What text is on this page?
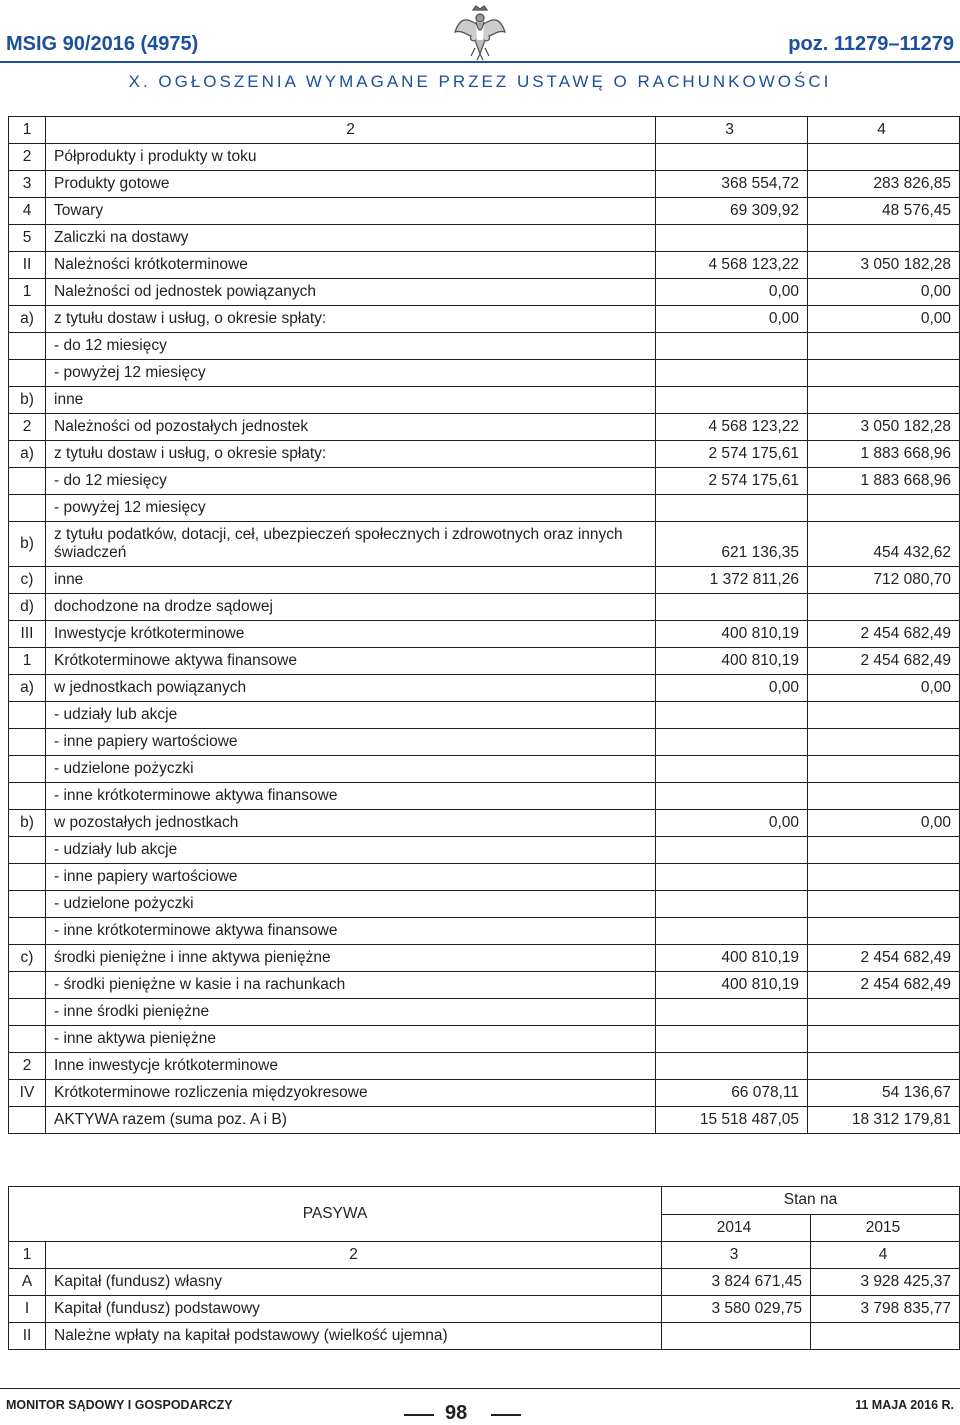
MSIG 90/2016 (4975)	poz. 11279–11279
X. OGŁOSZENIA WYMAGANE PRZEZ USTAWĘ O RACHUNKOWOŚCI
1	2	3	4
2	Półprodukty i produkty w toku		
3	Produkty gotowe	368 554,72	283 826,85
4	Towary	69 309,92	48 576,45
5	Zaliczki na dostawy		
II	Należności krótkoterminowe	4 568 123,22	3 050 182,28
1	Należności od jednostek powiązanych	0,00	0,00
a)	z tytułu dostaw i usług, o okresie spłaty:	0,00	0,00
	- do 12 miesięcy		
	- powyżej 12 miesięcy		
b)	inne		
2	Należności od pozostałych jednostek	4 568 123,22	3 050 182,28
a)	z tytułu dostaw i usług, o okresie spłaty:	2 574 175,61	1 883 668,96
	- do 12 miesięcy	2 574 175,61	1 883 668,96
	- powyżej 12 miesięcy		
b)	z tytułu podatków, dotacji, ceł, ubezpieczeń społecznych i zdrowotnych oraz innych świadczeń	621 136,35	454 432,62
c)	inne	1 372 811,26	712 080,70
d)	dochodzone na drodze sądowej		
III	Inwestycje krótkoterminowe	400 810,19	2 454 682,49
1	Krótkoterminowe aktywa finansowe	400 810,19	2 454 682,49
a)	w jednostkach powiązanych	0,00	0,00
	- udziały lub akcje		
	- inne papiery wartościowe		
	- udzielone pożyczki		
	- inne krótkoterminowe aktywa finansowe		
b)	w pozostałych jednostkach	0,00	0,00
	- udziały lub akcje		
	- inne papiery wartościowe		
	- udzielone pożyczki		
	- inne krótkoterminowe aktywa finansowe		
c)	środki pieniężne i inne aktywa pieniężne	400 810,19	2 454 682,49
	- środki pieniężne w kasie i na rachunkach	400 810,19	2 454 682,49
	- inne środki pieniężne		
	- inne aktywa pieniężne		
2	Inne inwestycje krótkoterminowe		
IV	Krótkoterminowe rozliczenia międzyokresowe	66 078,11	54 136,67
	AKTYWA razem (suma poz. A i B)	15 518 487,05	18 312 179,81
PASYWA		Stan na	
		2014	2015
1	2	3	4
A	Kapitał (fundusz) własny	3 824 671,45	3 928 425,37
I	Kapitał (fundusz) podstawowy	3 580 029,75	3 798 835,77
II	Należne wpłaty na kapitał podstawowy (wielkość ujemna)		
MONITOR SĄDOWY I GOSPODARCZY	98	11 MAJA 2016 R.
